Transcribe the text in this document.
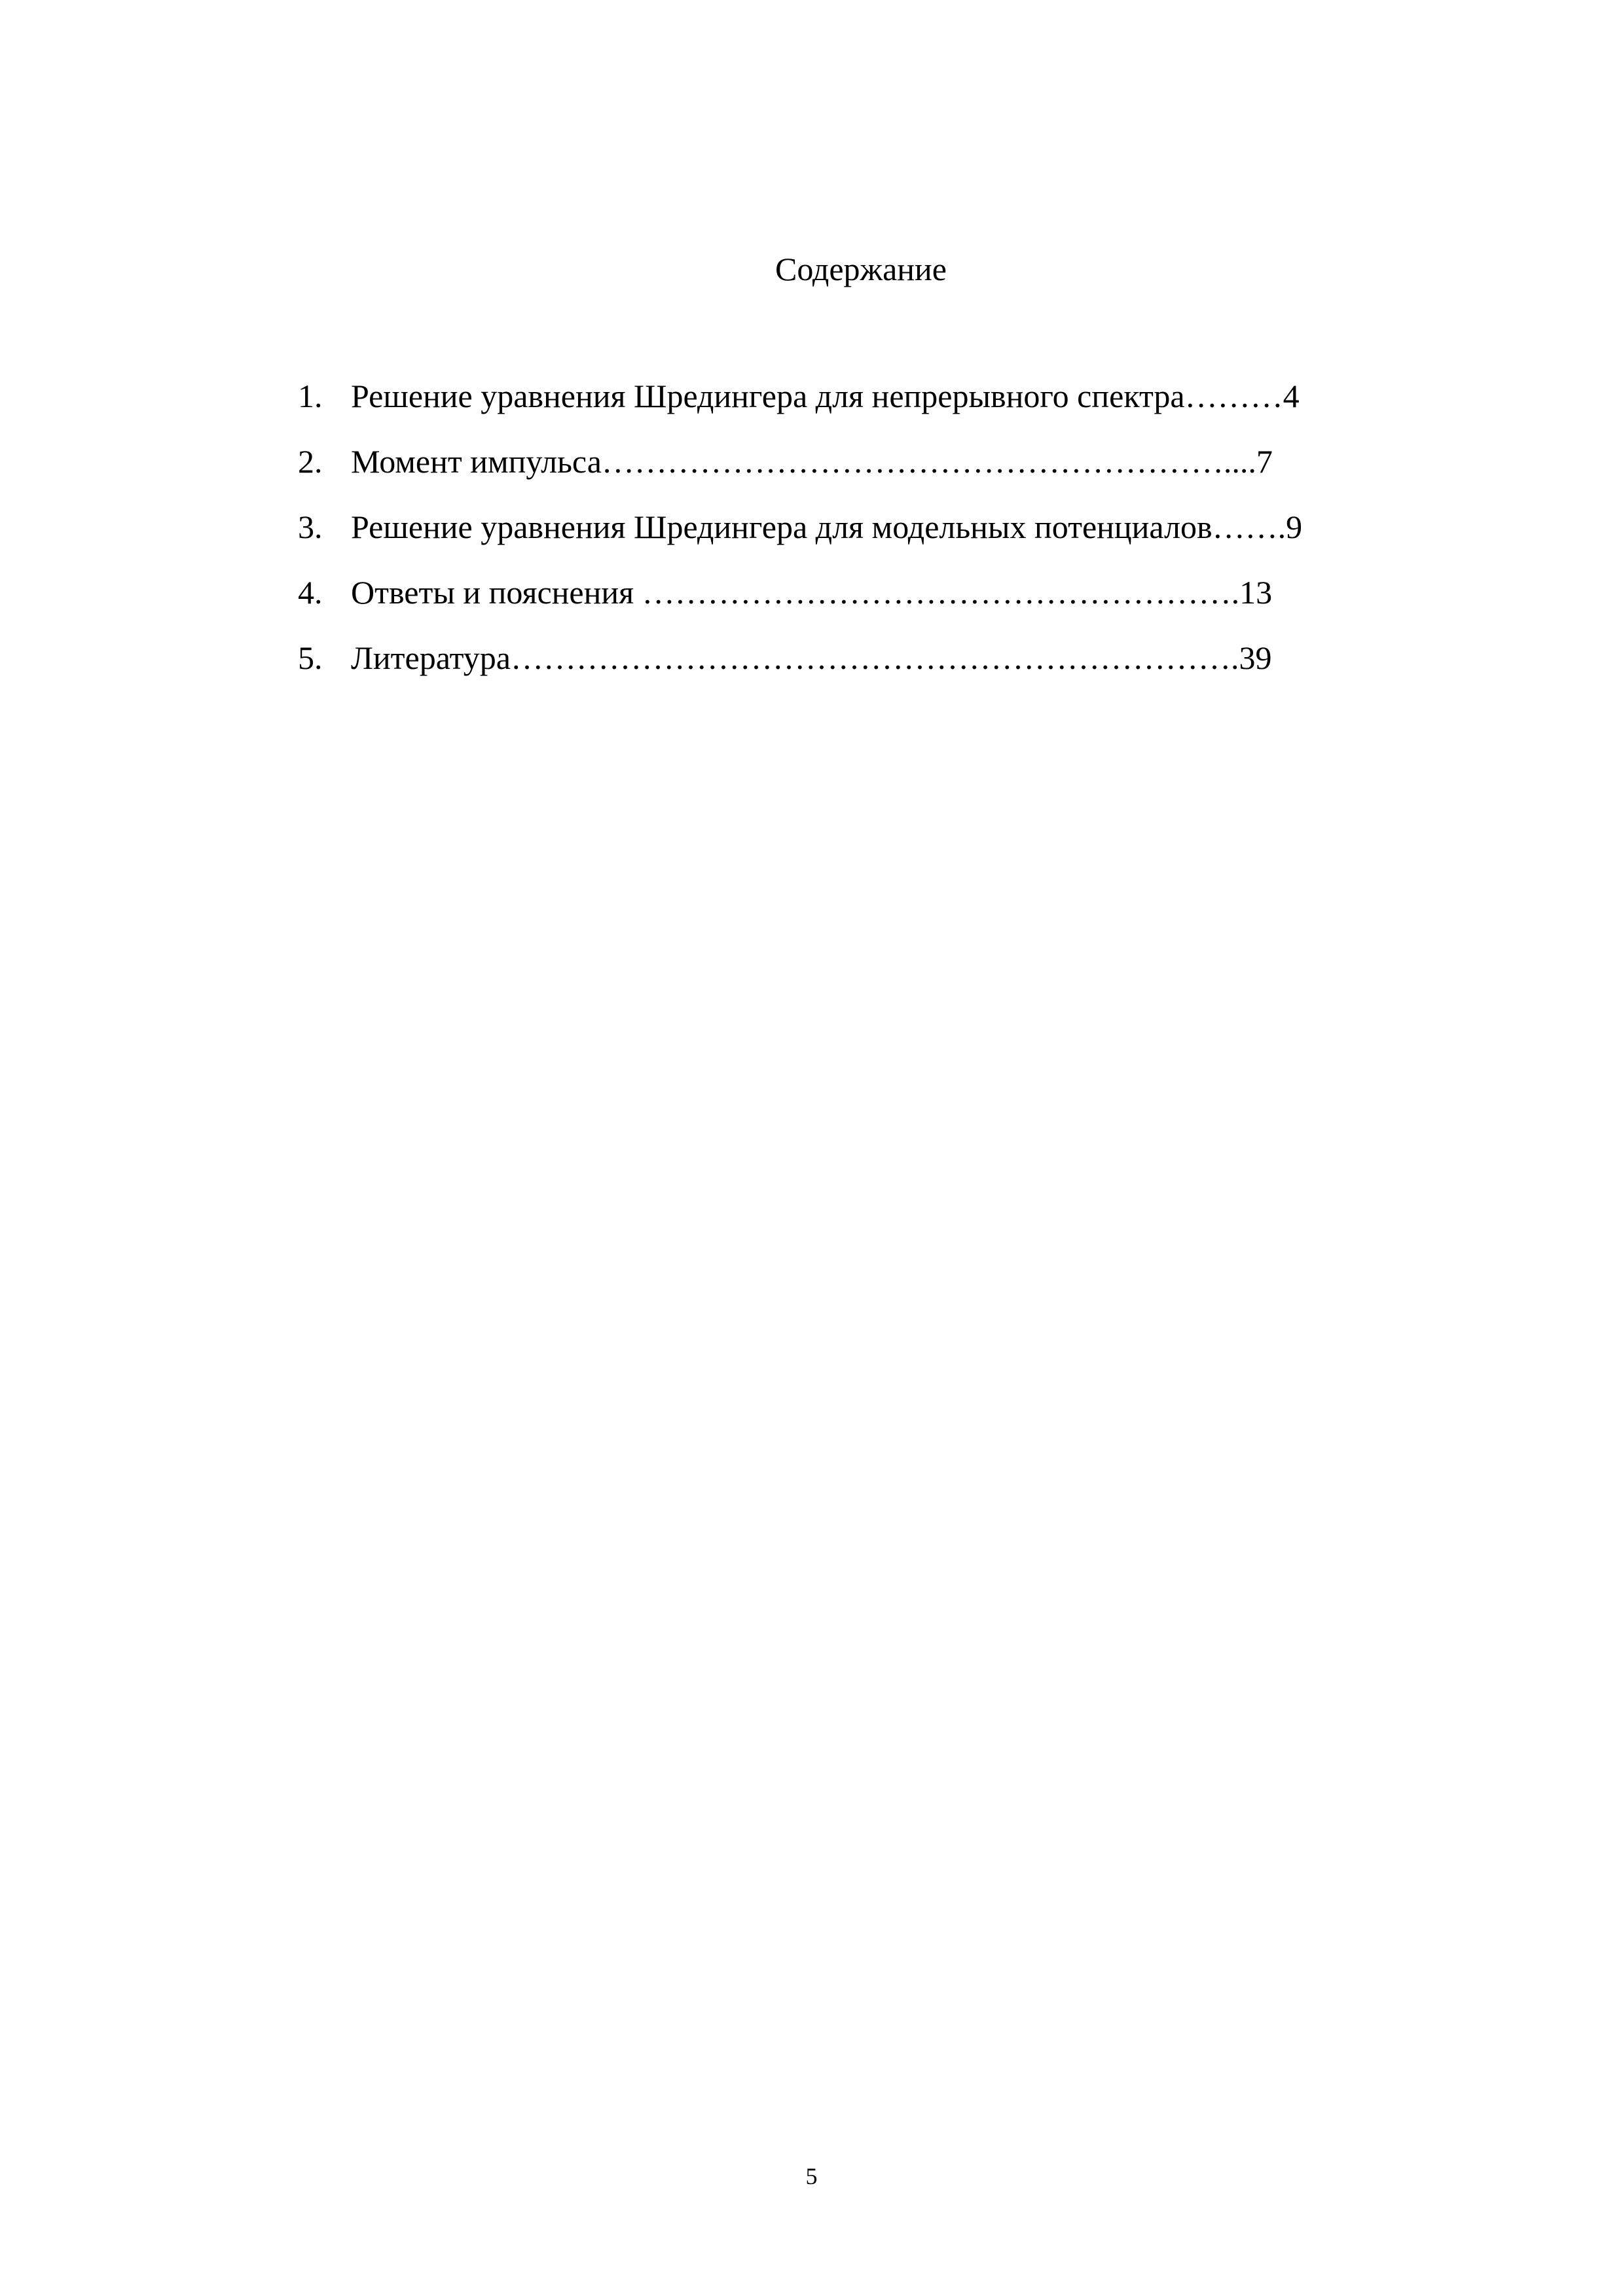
Содержание
1. Решение уравнения Шредингера для непрерывного спектра………4
2. Момент импульса…………………………………………………....7
3. Решение уравнения Шредингера для модельных потенциалов…….9
4. Ответы и пояснения ……………………………………………….13
5. Литература………………………………………………………….39
5
